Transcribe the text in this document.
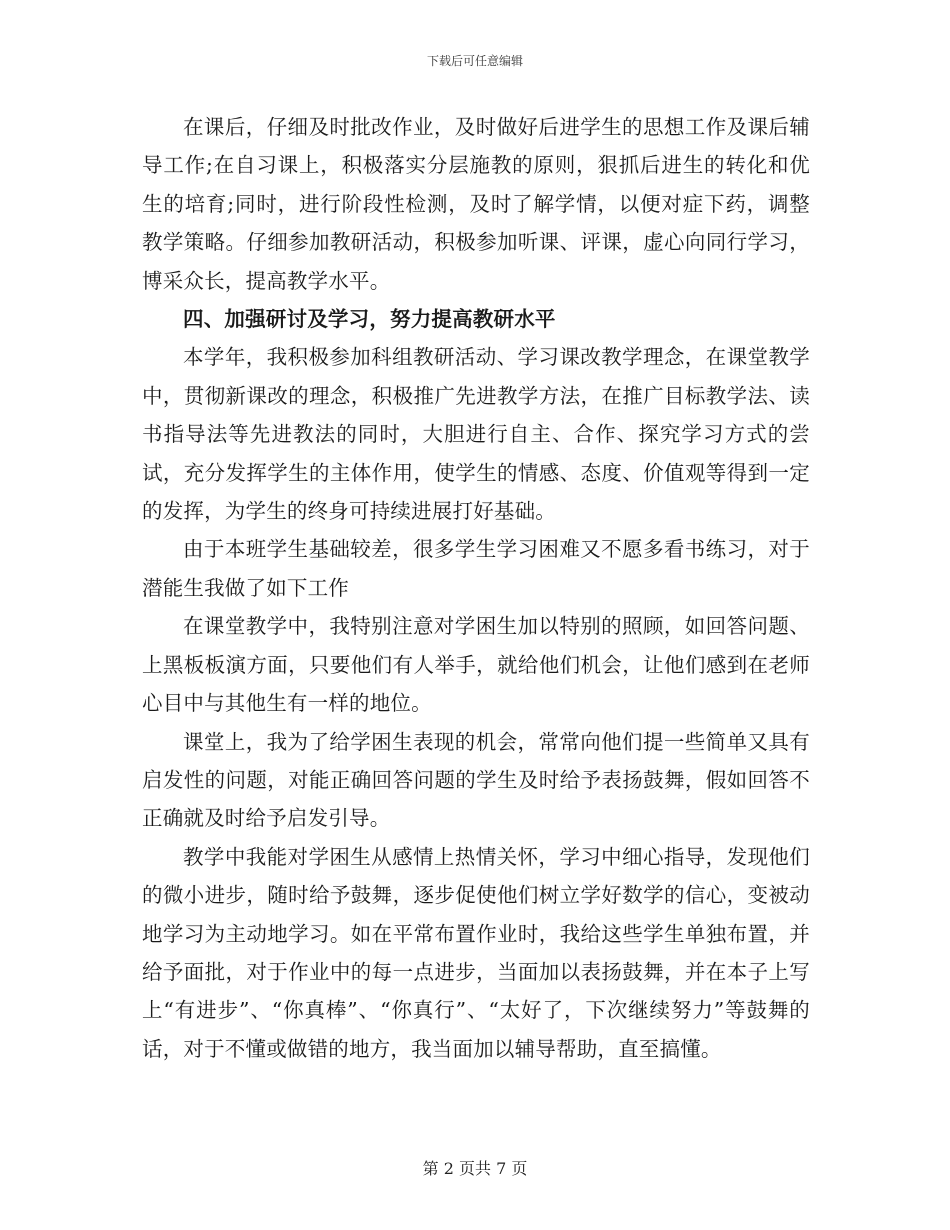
下载后可任意编辑

在课后，仔细及时批改作业，及时做好后进学生的思想工作及课后辅导工作;在自习课上，积极落实分层施教的原则，狠抓后进生的转化和优生的培育;同时，进行阶段性检测，及时了解学情，以便对症下药，调整教学策略。仔细参加教研活动，积极参加听课、评课，虚心向同行学习，博采众长，提高教学水平。

四、加强研讨及学习，努力提高教研水平

本学年，我积极参加科组教研活动、学习课改教学理念，在课堂教学中，贯彻新课改的理念，积极推广先进教学方法，在推广目标教学法、读书指导法等先进教法的同时，大胆进行自主、合作、探究学习方式的尝试，充分发挥学生的主体作用，使学生的情感、态度、价值观等得到一定的发挥，为学生的终身可持续进展打好基础。

由于本班学生基础较差，很多学生学习困难又不愿多看书练习，对于潜能生我做了如下工作

在课堂教学中，我特别注意对学困生加以特别的照顾，如回答问题、上黑板板演方面，只要他们有人举手，就给他们机会，让他们感到在老师心目中与其他生有一样的地位。

课堂上，我为了给学困生表现的机会，常常向他们提一些简单又具有启发性的问题，对能正确回答问题的学生及时给予表扬鼓舞，假如回答不正确就及时给予启发引导。

教学中我能对学困生从感情上热情关怀，学习中细心指导，发现他们的微小进步，随时给予鼓舞，逐步促使他们树立学好数学的信心，变被动地学习为主动地学习。如在平常布置作业时，我给这些学生单独布置，并给予面批，对于作业中的每一点进步，当面加以表扬鼓舞，并在本子上写上“有进步”、“你真棒”、“你真行”、“太好了，下次继续努力”等鼓舞的话，对于不懂或做错的地方，我当面加以辅导帮助，直至搞懂。

第 2 页共 7 页
